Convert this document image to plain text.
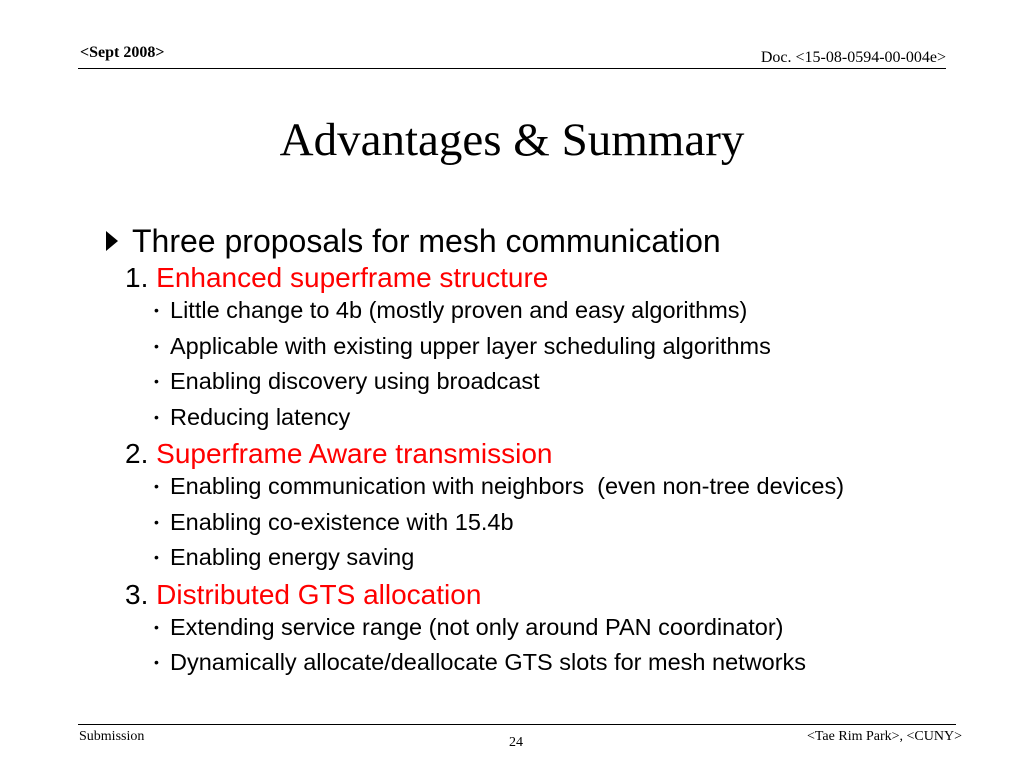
<Sept 2008>	Doc. <15-08-0594-00-004e>
Advantages & Summary
Three proposals for mesh communication
1. Enhanced superframe structure
• Little change to 4b (mostly proven and easy algorithms)
• Applicable with existing upper layer scheduling algorithms
• Enabling discovery using broadcast
• Reducing latency
2. Superframe Aware transmission
• Enabling communication with neighbors  (even non-tree devices)
• Enabling co-existence with 15.4b
• Enabling energy saving
3. Distributed GTS allocation
• Extending service range (not only around PAN coordinator)
• Dynamically allocate/deallocate GTS slots for mesh networks
Submission	24	<Tae Rim Park>, <CUNY>
